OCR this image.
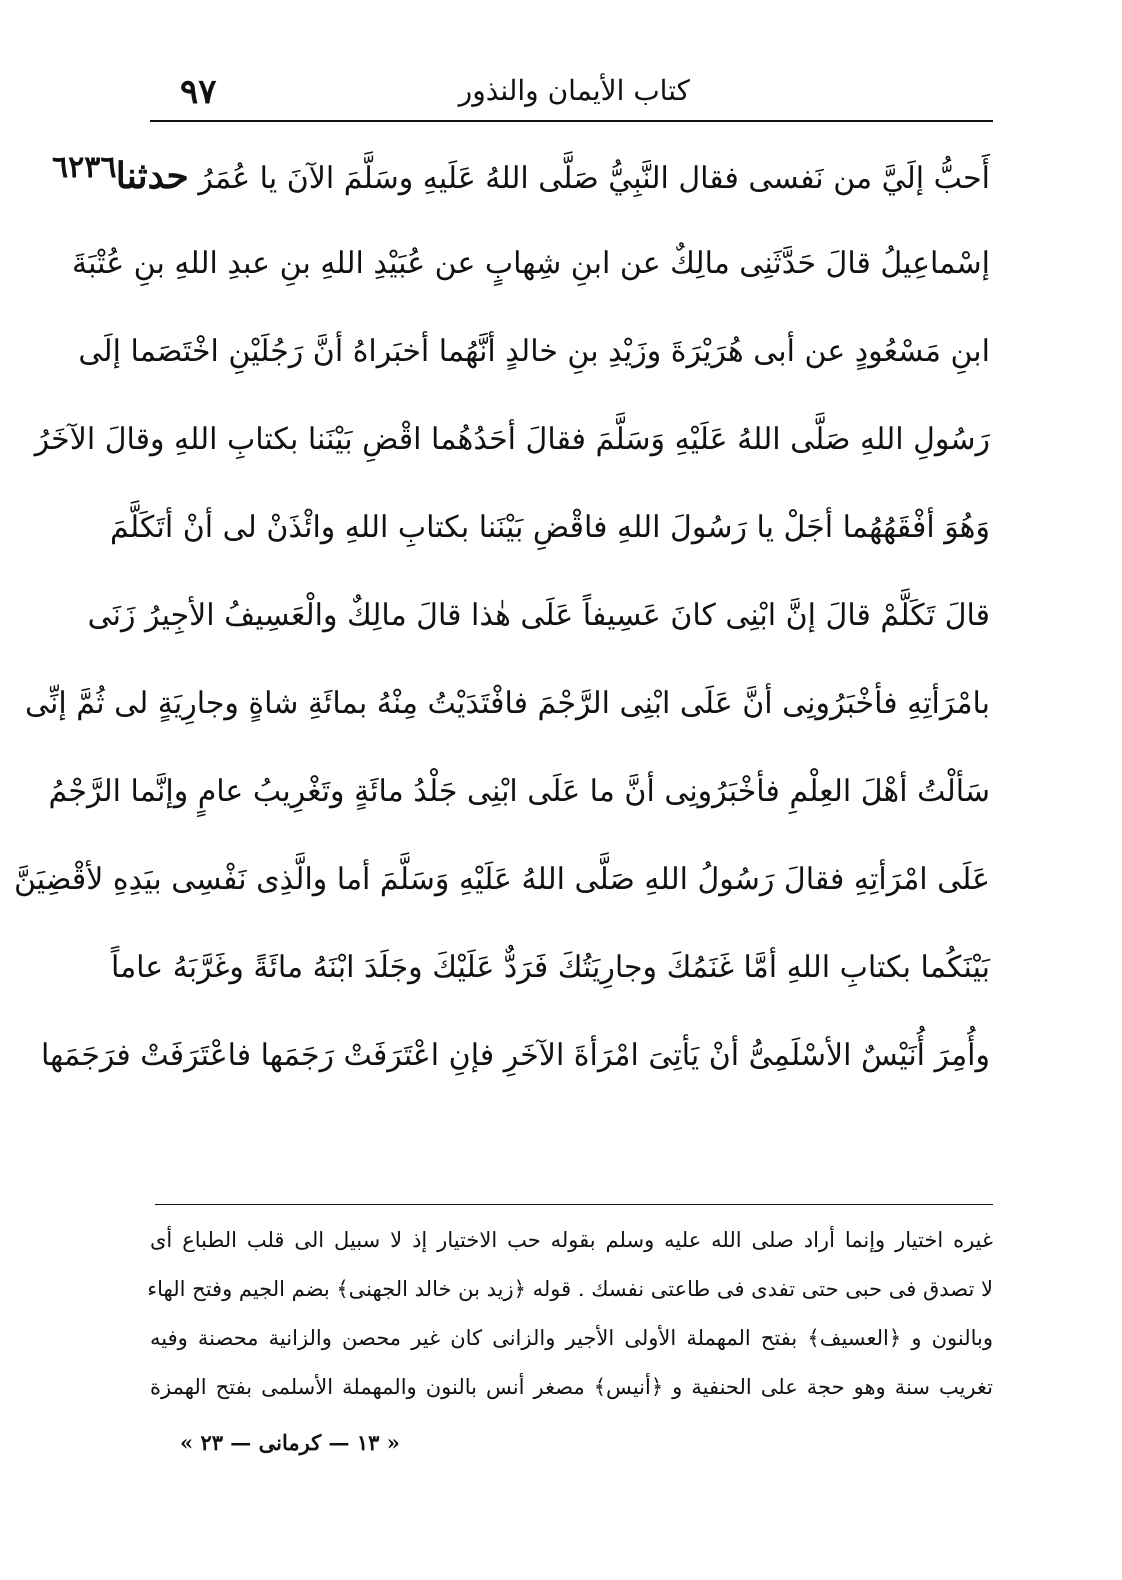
٩٧	كتاب الأيمان والنذور
٦٢٣٦	أَحبُّ إلَيَّ من نَفسى فقال النَّبِيُّ صَلَّى اللهُ عَلَيهِ وسَلَّمَ الآنَ يا عُمَرُ حدثنا
إسْماعِيلُ قالَ حَدَّثَنِى مالِكٌ عن ابنِ شِهابٍ عن عُبَيْدِ اللهِ بنِ عبدِ اللهِ بنِ عُتْبَةَ
ابنِ مَسْعُودٍ عن أبى هُرَيْرَةَ وزَيْدِ بنِ خالدٍ أنَّهُما أخبَراهُ أنَّ رَجُلَيْنِ اخْتَصَما إلَى
رَسُولِ اللهِ صَلَّى اللهُ عَلَيْهِ وَسَلَّمَ فقالَ أحَدُهُما اقْضِ بَيْنَنا بكتابِ اللهِ وقالَ الآخَرُ
وَهُوَ أفْقَهُهُما أجَلْ يا رَسُولَ اللهِ فاقْضِ بَيْنَنا بكتابِ اللهِ وائْذَنْ لى أنْ أتَكَلَّمَ
قالَ تَكَلَّمْ قالَ إنَّ ابْنِى كانَ عَسِيفاً عَلَى هٰذا قالَ مالِكٌ والْعَسِيفُ الأجِيرُ زَنَى
بامْرَأتِهِ فأخْبَرُونِى أنَّ عَلَى ابْنِى الرَّجْمَ فافْتَدَيْتُ مِنْهُ بمائَةِ شاةٍ وجارِيَةٍ لى ثُمَّ إنِّى
سَألْتُ أهْلَ العِلْمِ فأخْبَرُونِى أنَّ ما عَلَى ابْنِى جَلْدُ مائَةٍ وتَغْرِيبُ عامٍ وإنَّما الرَّجْمُ
عَلَى امْرَأتِهِ فقالَ رَسُولُ اللهِ صَلَّى اللهُ عَلَيْهِ وَسَلَّمَ أما والَّذِى نَفْسِى بيَدِهِ لأقْضِيَنَّ
بَيْنَكُما بكتابِ اللهِ أمَّا غَنَمُكَ وجارِيَتُكَ فَرَدٌّ عَلَيْكَ وجَلَدَ ابْنَهُ مائَةً وغَرَّبَهُ عاماً
وأُمِرَ أُنَيْسٌ الأسْلَمِىُّ أنْ يَأتِىَ امْرَأةَ الآخَرِ فإنِ اعْتَرَفَتْ رَجَمَها فاعْتَرَفَتْ فرَجَمَها
غيره اختيار وإنما أراد صلى الله عليه وسلم بقوله حب الاختيار إذ لا سبيل الى قلب الطباع أى
لا تصدق فى حبى حتى تفدى فى طاعتى نفسك . قوله ﴿زيد بن خالد الجهنى﴾ بضم الجيم وفتح الهاء
وبالنون و ﴿العسيف﴾ بفتح المهملة الأولى الأجير والزانى كان غير محصن والزانية محصنة وفيه
تغريب سنة وهو حجة على الحنفية و ﴿أنيس﴾ مصغر أنس بالنون والمهملة الأسلمى بفتح الهمزة
« ١٣ — كرمانى — ٢٣ »
